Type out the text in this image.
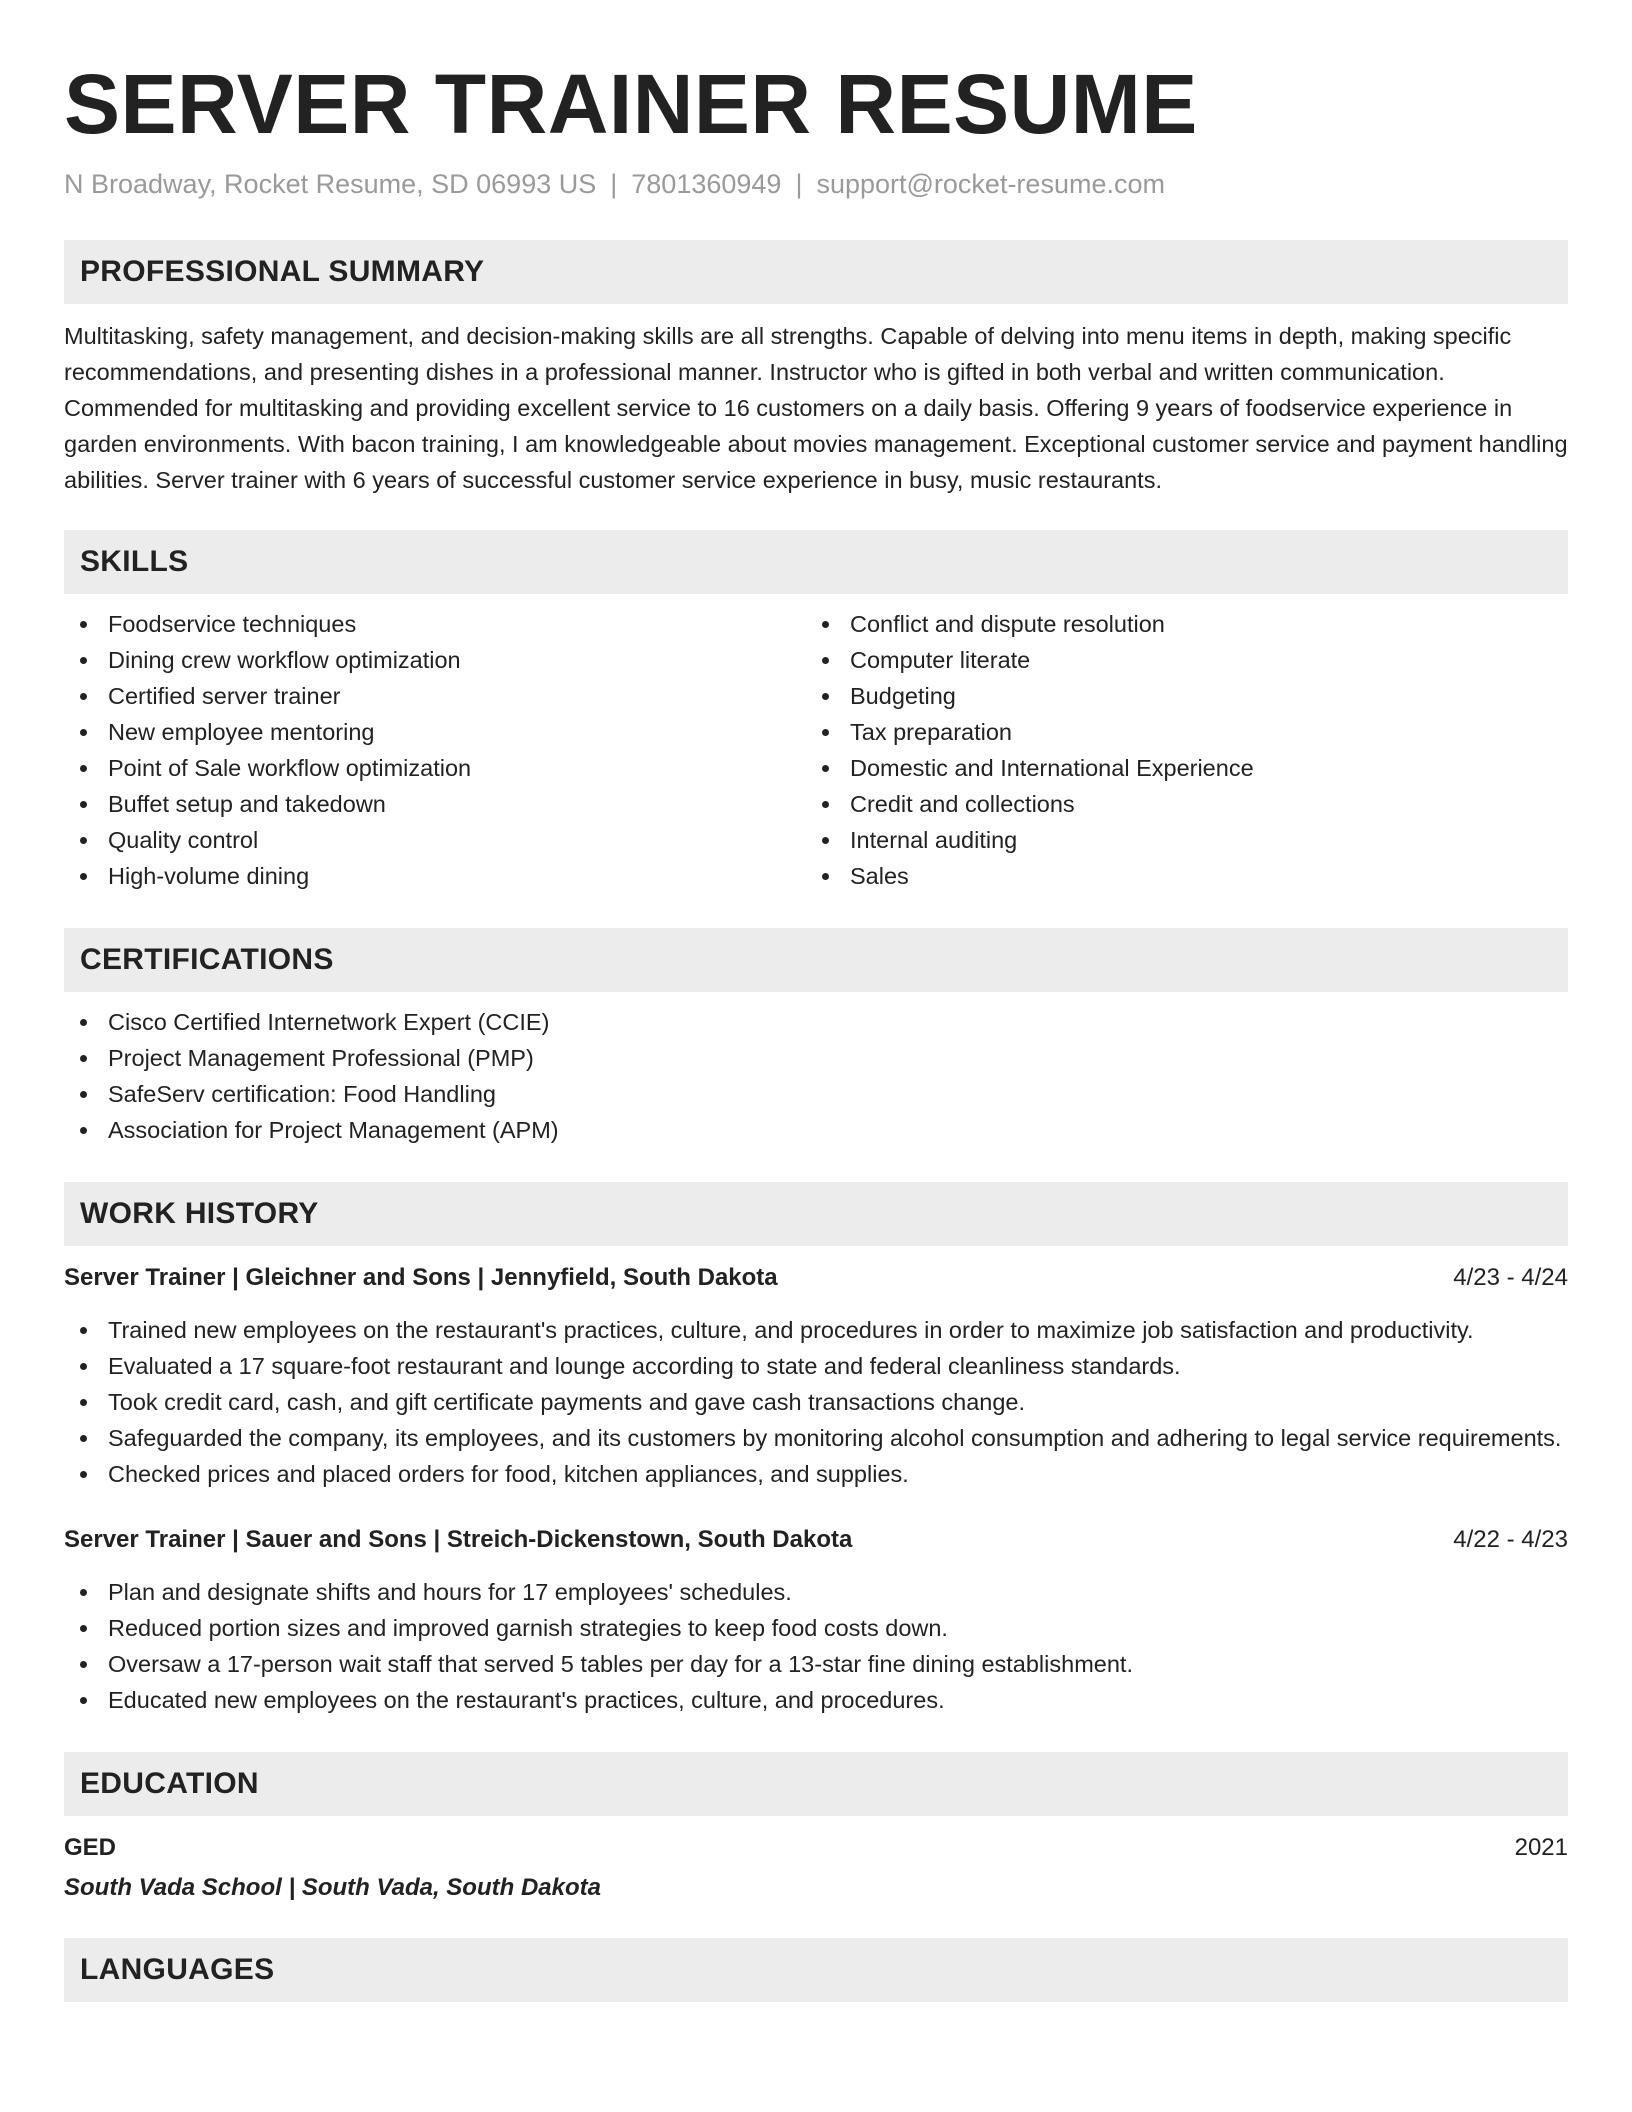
SERVER TRAINER RESUME
N Broadway, Rocket Resume, SD 06993 US | 7801360949 | support@rocket-resume.com
PROFESSIONAL SUMMARY
Multitasking, safety management, and decision-making skills are all strengths. Capable of delving into menu items in depth, making specific recommendations, and presenting dishes in a professional manner. Instructor who is gifted in both verbal and written communication. Commended for multitasking and providing excellent service to 16 customers on a daily basis. Offering 9 years of foodservice experience in garden environments. With bacon training, I am knowledgeable about movies management. Exceptional customer service and payment handling abilities. Server trainer with 6 years of successful customer service experience in busy, music restaurants.
SKILLS
Foodservice techniques
Dining crew workflow optimization
Certified server trainer
New employee mentoring
Point of Sale workflow optimization
Buffet setup and takedown
Quality control
High-volume dining
Conflict and dispute resolution
Computer literate
Budgeting
Tax preparation
Domestic and International Experience
Credit and collections
Internal auditing
Sales
CERTIFICATIONS
Cisco Certified Internetwork Expert (CCIE)
Project Management Professional (PMP)
SafeServ certification: Food Handling
Association for Project Management (APM)
WORK HISTORY
Server Trainer | Gleichner and Sons | Jennyfield, South Dakota	4/23 - 4/24
Trained new employees on the restaurant's practices, culture, and procedures in order to maximize job satisfaction and productivity.
Evaluated a 17 square-foot restaurant and lounge according to state and federal cleanliness standards.
Took credit card, cash, and gift certificate payments and gave cash transactions change.
Safeguarded the company, its employees, and its customers by monitoring alcohol consumption and adhering to legal service requirements.
Checked prices and placed orders for food, kitchen appliances, and supplies.
Server Trainer | Sauer and Sons | Streich-Dickenstown, South Dakota	4/22 - 4/23
Plan and designate shifts and hours for 17 employees' schedules.
Reduced portion sizes and improved garnish strategies to keep food costs down.
Oversaw a 17-person wait staff that served 5 tables per day for a 13-star fine dining establishment.
Educated new employees on the restaurant's practices, culture, and procedures.
EDUCATION
GED	2021
South Vada School | South Vada, South Dakota
LANGUAGES
